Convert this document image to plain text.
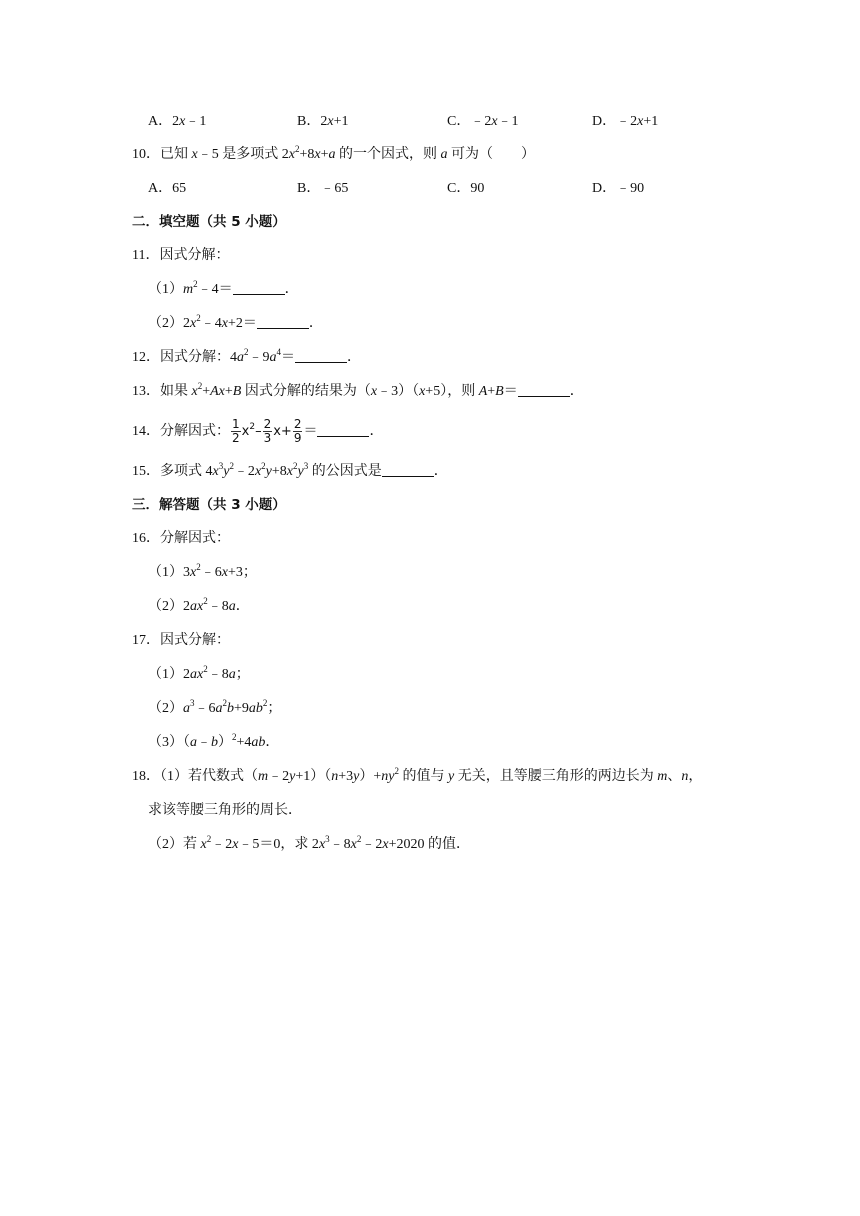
A．2x﹣1	B．2x+1	C．﹣2x﹣1	D．﹣2x+1
10．已知 x﹣5 是多项式 $2x^2+8x+a$ 的一个因式，则 a 可为（　　）
A．65	B．﹣65	C．90	D．﹣90
二．填空题（共 5 小题）
11．因式分解：
$(1)m^2﹣4=$	．
$(2)2x^2﹣4x+2=$	．
12．因式分解：$4a^2﹣9a^4=$	．
13．如果 $x^2+Ax+B$ 因式分解的结果为（x﹣3）（x+5），则 A+B＝	．
14．分解因式： $\frac{1}{2} x^2- \frac{2}{3} x+ \frac{2}{9}$ ＝	．
15．多项式 $4x^3y^2﹣2x^2y+8x^2y^3$ 的公因式是	．
三．解答题（共 3 小题）
16．分解因式：
$(1)3x^2﹣6x+3$；
$(2)2ax^2﹣8a$．
17．因式分解：
$(1)2ax^2﹣8a$；
$(2)a^3﹣6a^2b+9ab^2$；
（3）（a﹣b）$^2$+4ab．
18．（1）若代数式$(m﹣2y+1)(n+3y)+ny^2$ 的值与 y 无关，且等腰三角形的两边长为 m、n，
求该等腰三角形的周长．
（2）若 $x^2﹣2x﹣5=0$，求 $2x^3﹣8x^2﹣2x+2020$ 的值．
